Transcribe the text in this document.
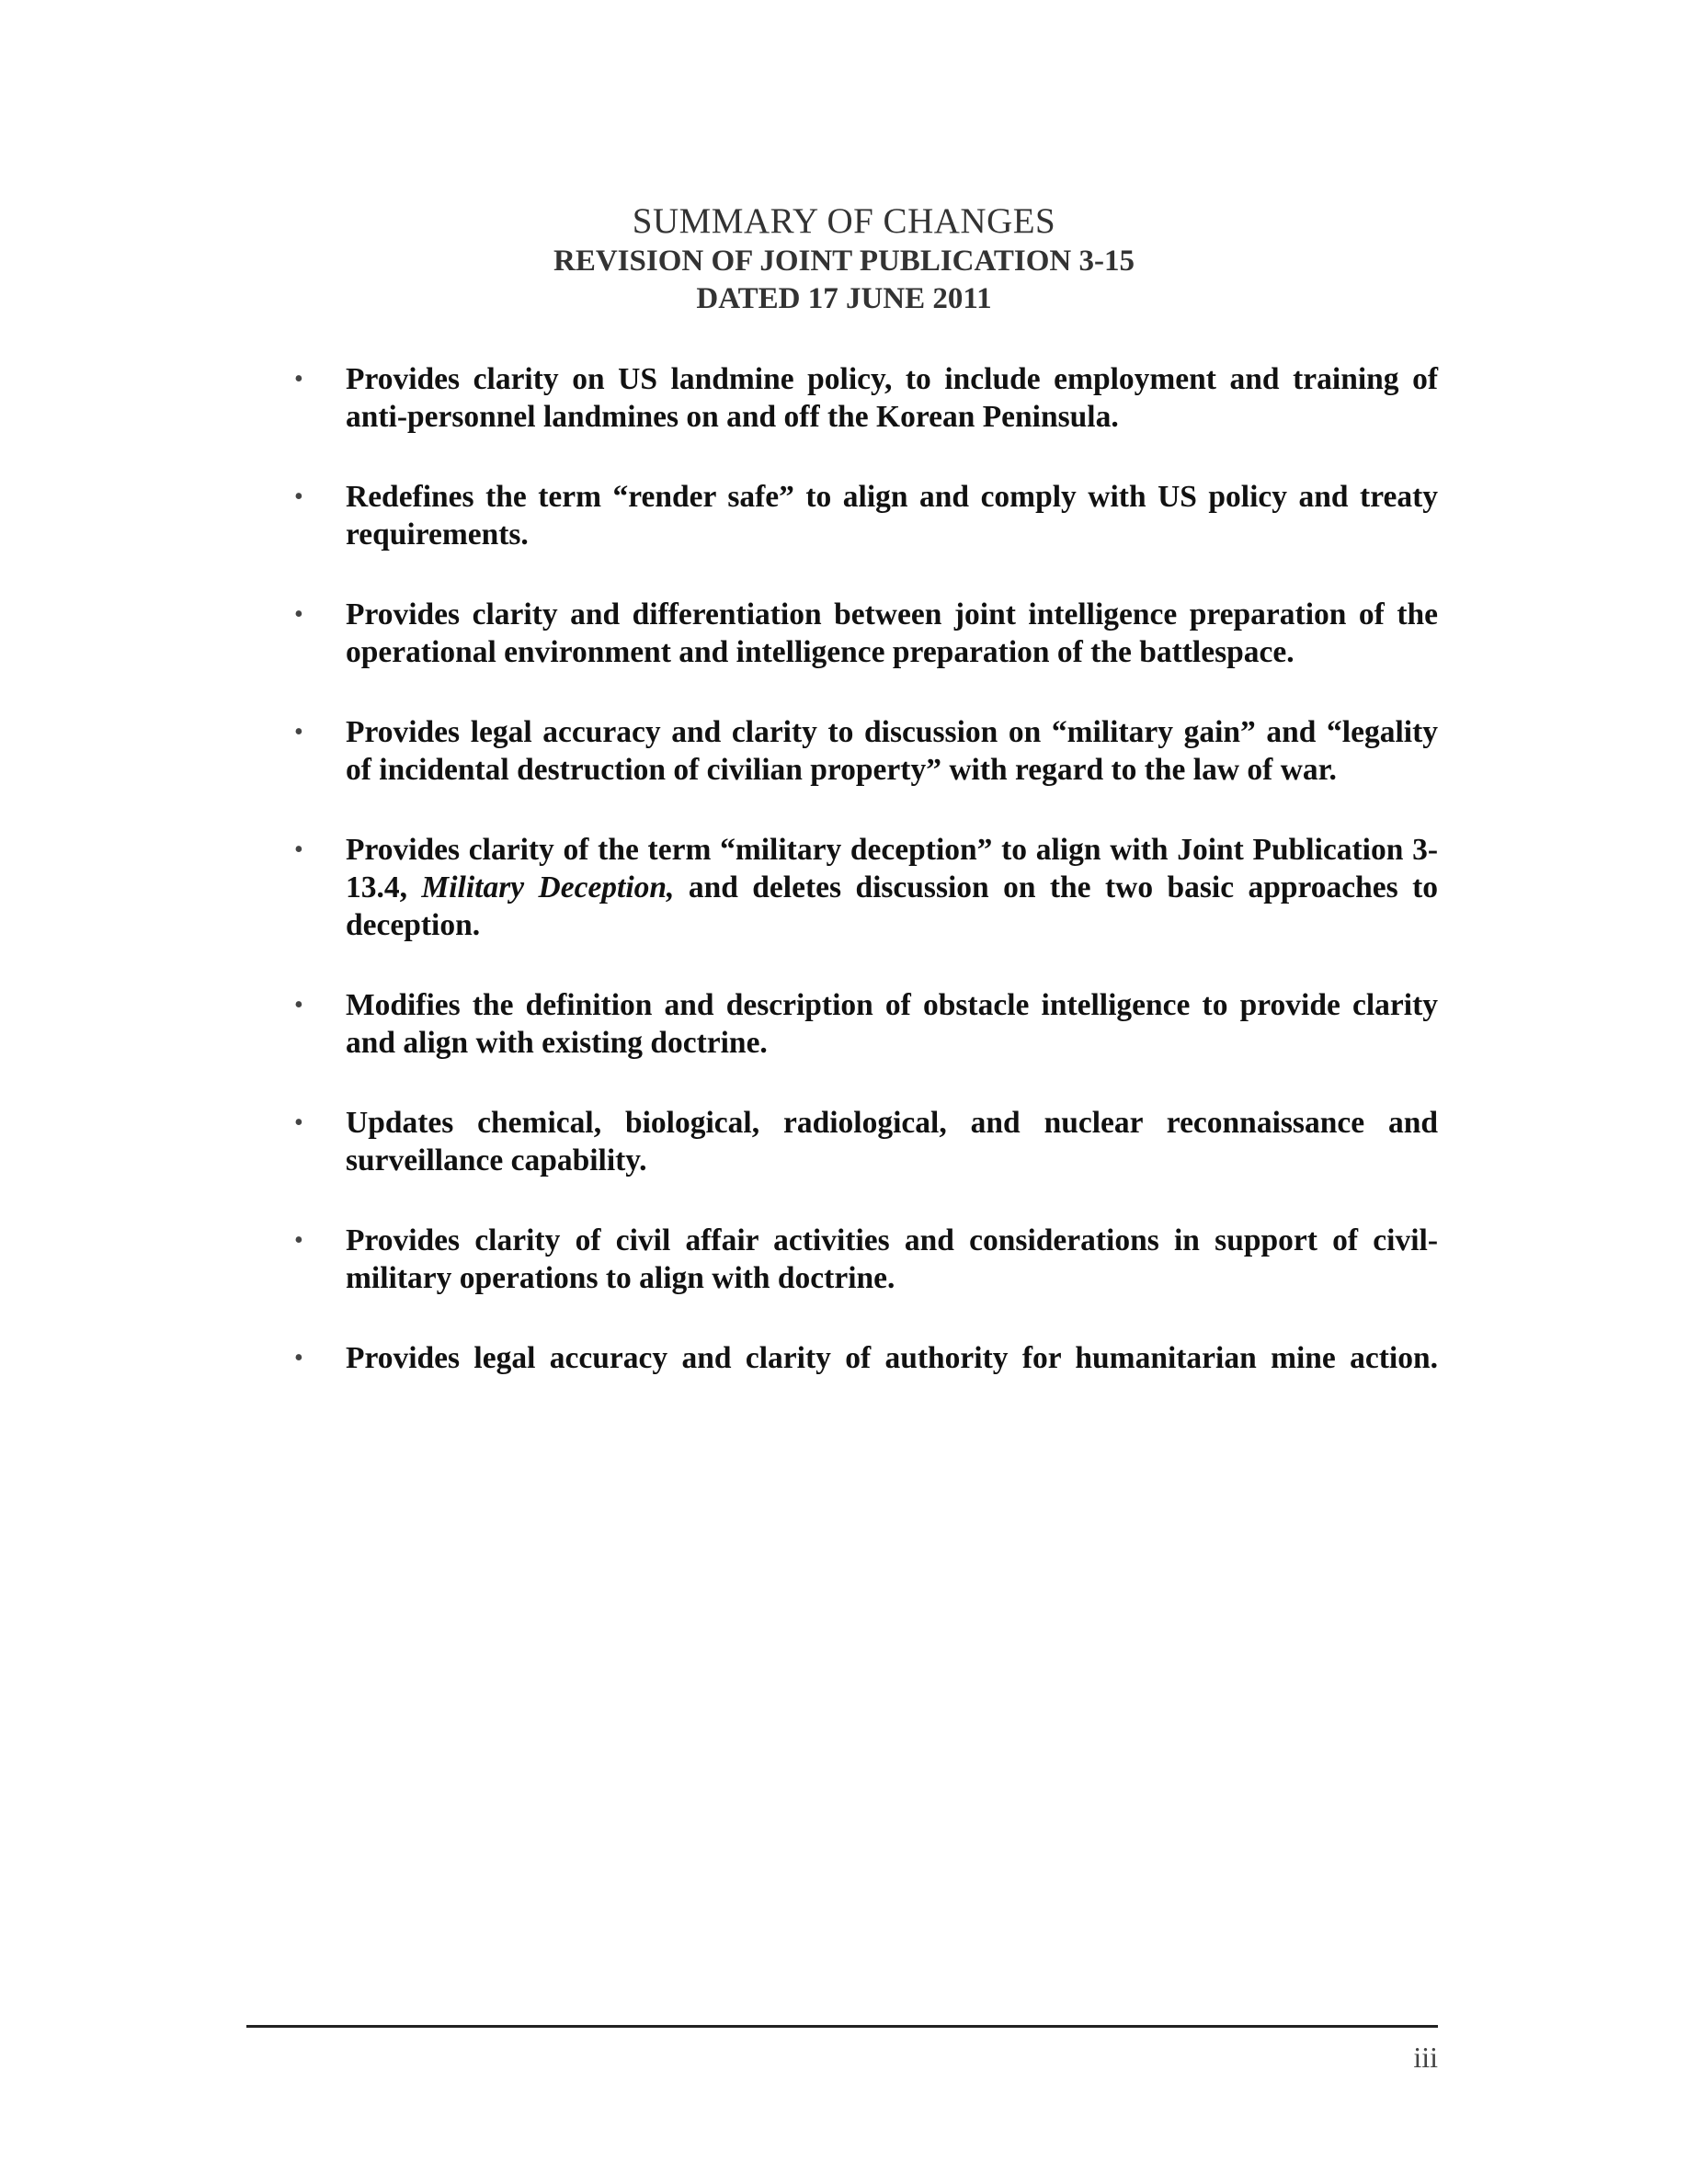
SUMMARY OF CHANGES
REVISION OF JOINT PUBLICATION 3-15
DATED 17 JUNE 2011
• Provides clarity on US landmine policy, to include employment and training of anti-personnel landmines on and off the Korean Peninsula.
• Redefines the term “render safe” to align and comply with US policy and treaty requirements.
• Provides clarity and differentiation between joint intelligence preparation of the operational environment and intelligence preparation of the battlespace.
• Provides legal accuracy and clarity to discussion on “military gain” and “legality of incidental destruction of civilian property” with regard to the law of war.
• Provides clarity of the term “military deception” to align with Joint Publication 3-13.4, Military Deception, and deletes discussion on the two basic approaches to deception.
• Modifies the definition and description of obstacle intelligence to provide clarity and align with existing doctrine.
• Updates chemical, biological, radiological, and nuclear reconnaissance and surveillance capability.
• Provides clarity of civil affair activities and considerations in support of civil-military operations to align with doctrine.
• Provides legal accuracy and clarity of authority for humanitarian mine action.
iii
